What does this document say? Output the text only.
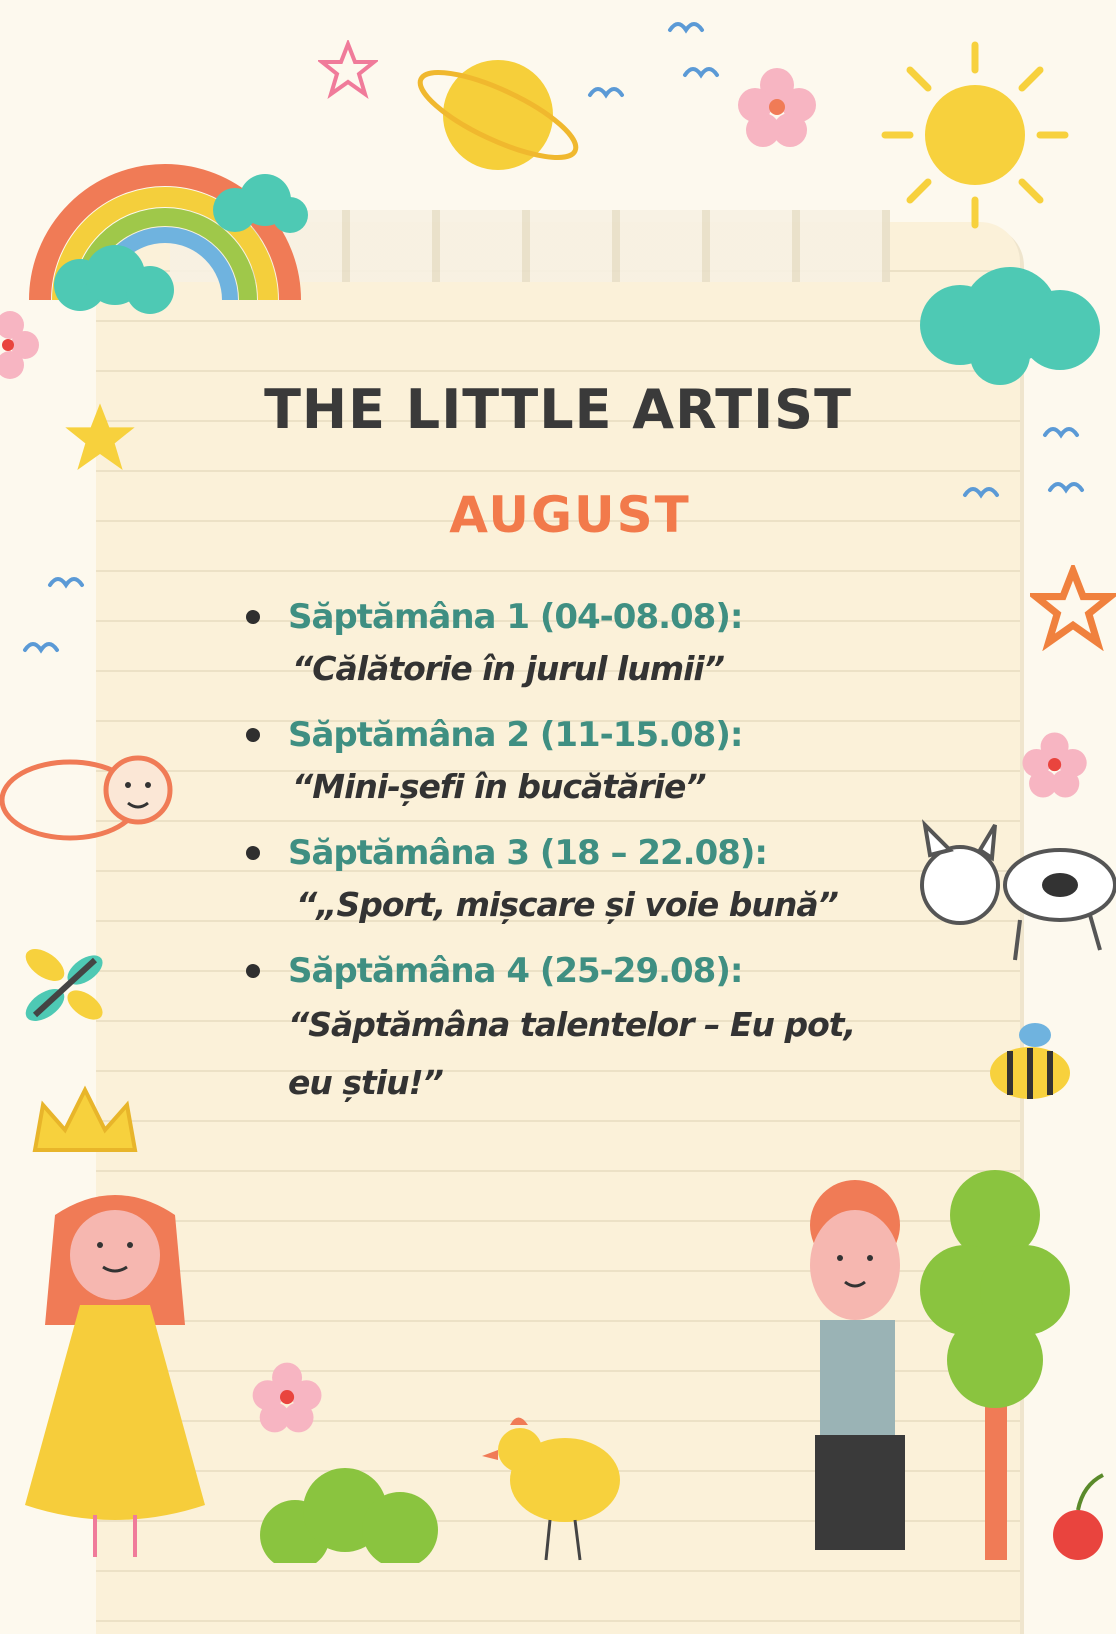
THE LITTLE ARTIST
AUGUST
Săptămâna 1 (04-08.08):
“Călătorie în jurul lumii”
Săptămâna 2 (11-15.08):
“Mini-șefi în bucătărie”
Săptămâna 3 (18 – 22.08):
“„Sport, mișcare și voie bună”
Săptămâna 4 (25-29.08):
“Săptămâna talentelor – Eu pot, eu știu!”
